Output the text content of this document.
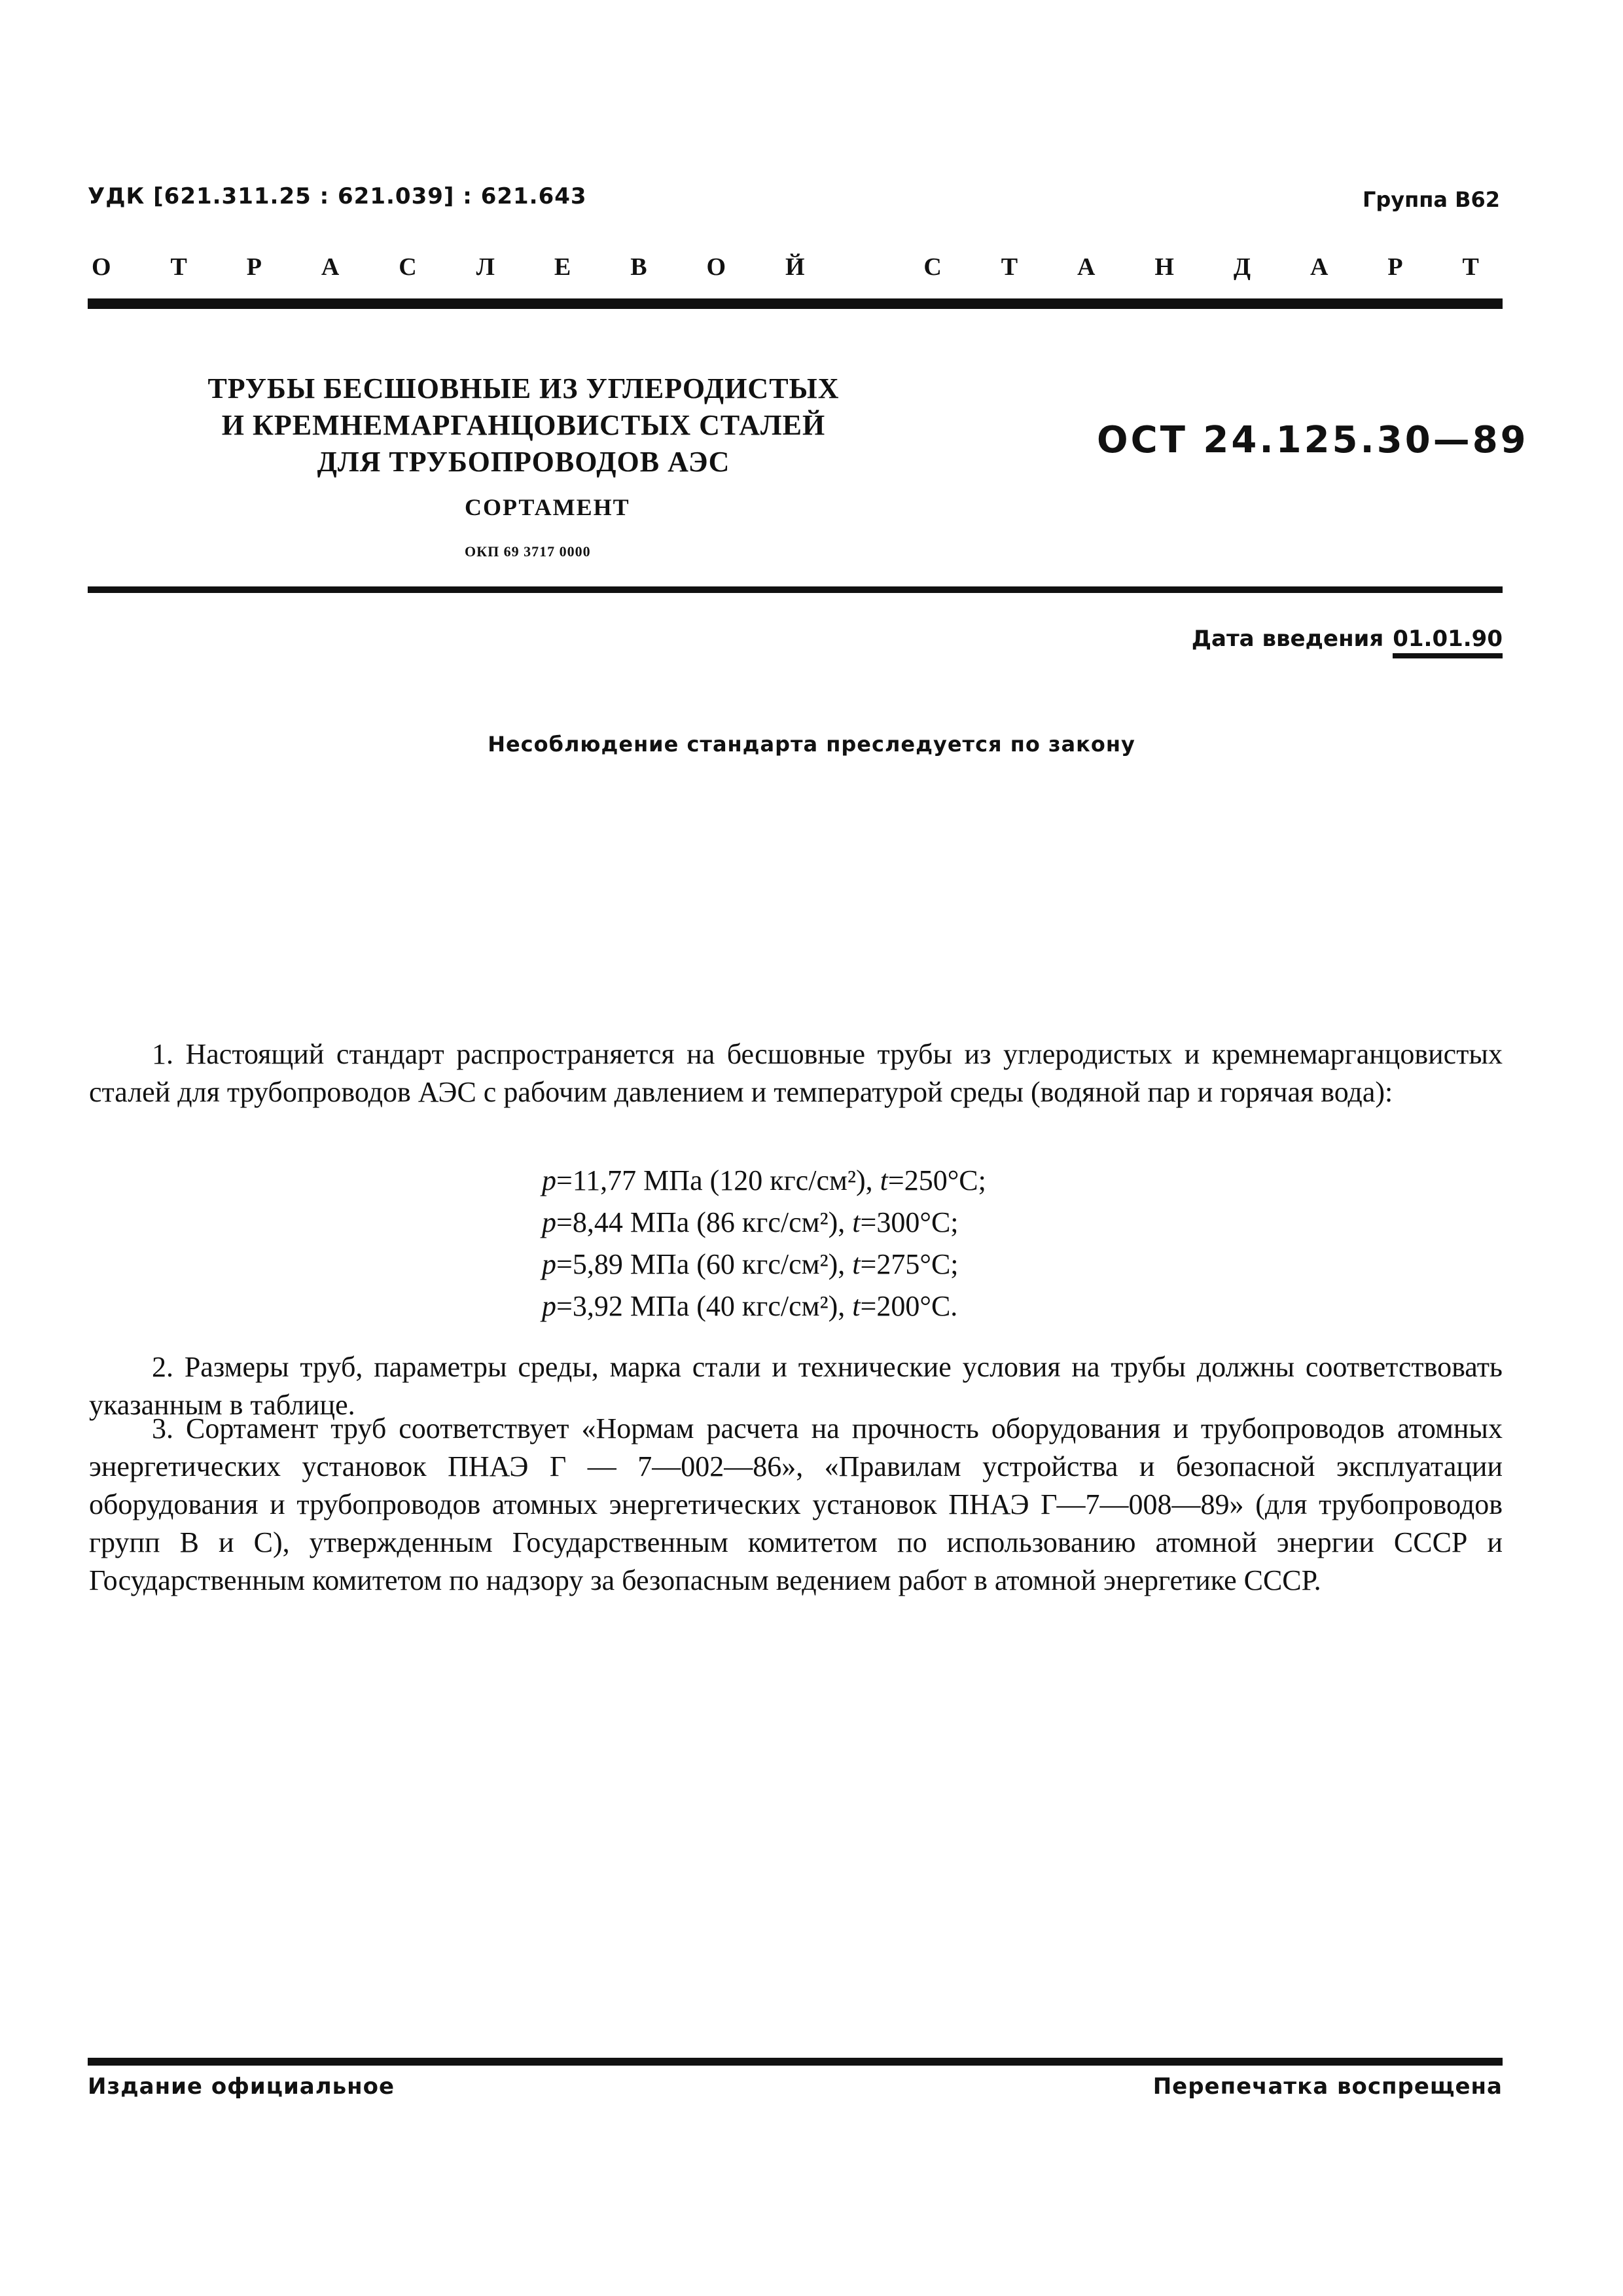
УДК [621.311.25 : 621.039] : 621.643	Группа В62
О Т Р А С Л Е В О Й	С Т А Н Д А Р Т
ТРУБЫ БЕСШОВНЫЕ ИЗ УГЛЕРОДИСТЫХ
И КРЕМНЕМАРГАНЦОВИСТЫХ СТАЛЕЙ
ДЛЯ ТРУБОПРОВОДОВ АЭС
ОСТ 24.125.30—89
СОРТАМЕНТ
ОКП 69 3717 0000
Дата введения 01.01.90
Несоблюдение стандарта преследуется по закону
1. Настоящий стандарт распространяется на бесшовные трубы из углеродистых и кремнемарганцовистых сталей для трубопроводов АЭС с рабочим давлением и температурой среды (водяной пар и горячая вода):
p=11,77 МПа (120 кгс/см²), t=250°С;
p=8,44 МПа (86 кгс/см²), t=300°С;
p=5,89 МПа (60 кгс/см²), t=275°С;
p=3,92 МПа (40 кгс/см²), t=200°С.
2. Размеры труб, параметры среды, марка стали и технические условия на трубы должны соответствовать указанным в таблице.
3. Сортамент труб соответствует «Нормам расчета на прочность оборудования и трубопроводов атомных энергетических установок ПНАЭ Г — 7—002—86», «Правилам устройства и безопасной эксплуатации оборудования и трубопроводов атомных энергетических установок ПНАЭ Г—7—008—89» (для трубопроводов групп В и С), утвержденным Государственным комитетом по использованию атомной энергии СССР и Государственным комитетом по надзору за безопасным ведением работ в атомной энергетике СССР.
Издание официальное	Перепечатка воспрещена
